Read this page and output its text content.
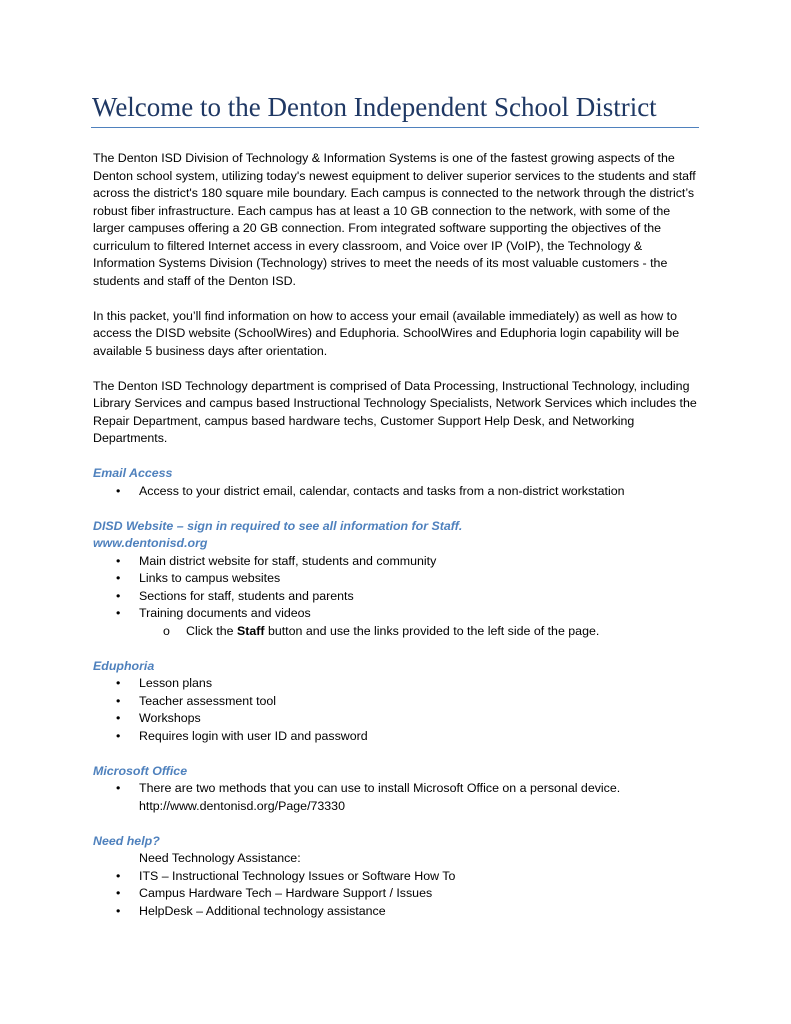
Welcome to the Denton Independent School District

The Denton ISD Division of Technology & Information Systems is one of the fastest growing aspects of the Denton school system, utilizing today's newest equipment to deliver superior services to the students and staff across the district's 180 square mile boundary. Each campus is connected to the network through the district’s robust fiber infrastructure. Each campus has at least a 10 GB connection to the network, with some of the larger campuses offering a 20 GB connection. From integrated software supporting the objectives of the curriculum to filtered Internet access in every classroom, and Voice over IP (VoIP), the Technology & Information Systems Division (Technology) strives to meet the needs of its most valuable customers - the students and staff of the Denton ISD.

In this packet, you’ll find information on how to access your email (available immediately) as well as how to access the DISD website (SchoolWires) and Eduphoria. SchoolWires and Eduphoria login capability will be available 5 business days after orientation.

The Denton ISD Technology department is comprised of Data Processing, Instructional Technology, including Library Services and campus based Instructional Technology Specialists, Network Services which includes the Repair Department, campus based hardware techs, Customer Support Help Desk, and Networking Departments.

Email Access
• Access to your district email, calendar, contacts and tasks from a non-district workstation
DISD Website – sign in required to see all information for Staff.
www.dentonisd.org
• Main district website for staff, students and community
• Links to campus websites
• Sections for staff, students and parents
• Training documents and videos
o Click the Staff button and use the links provided to the left side of the page.
Eduphoria
• Lesson plans
• Teacher assessment tool
• Workshops
• Requires login with user ID and password
Microsoft Office
• There are two methods that you can use to install Microsoft Office on a personal device.
http://www.dentonisd.org/Page/73330
Need help?
Need Technology Assistance:
• ITS – Instructional Technology Issues or Software How To
• Campus Hardware Tech – Hardware Support / Issues
• HelpDesk – Additional technology assistance
